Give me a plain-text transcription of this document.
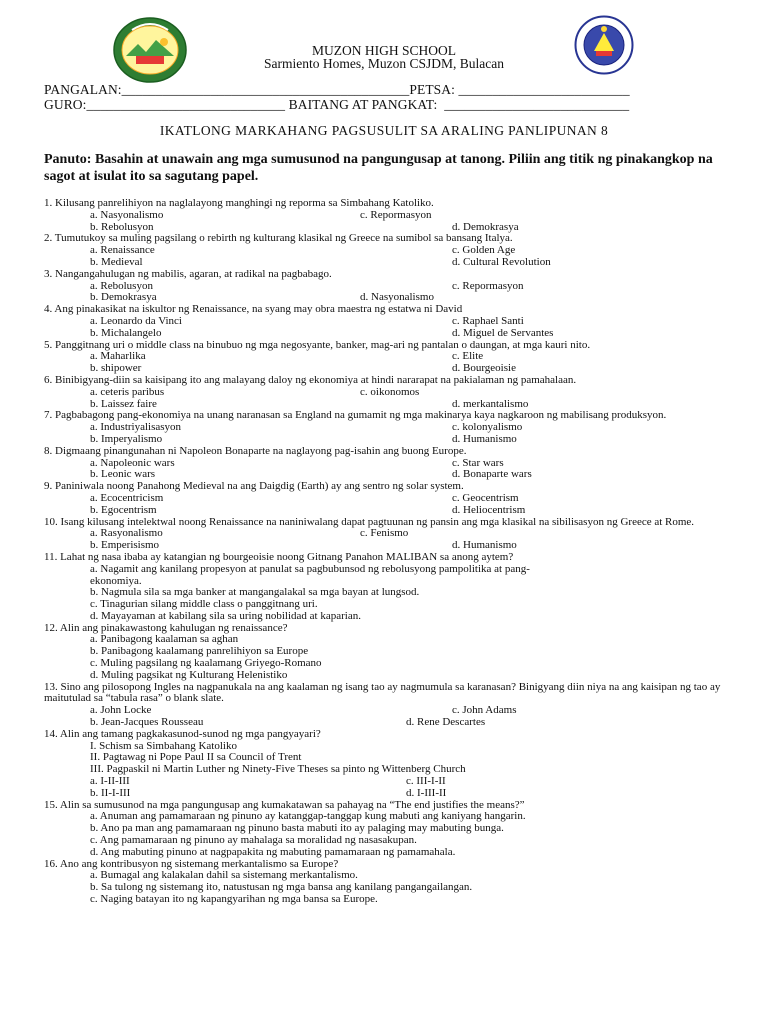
MUZON HIGH SCHOOL
Sarmiento Homes, Muzon CSJDM, Bulacan
PANGALAN:__________________________________________PETSA: _________________________
GURO:_____________________________ BAITANG AT PANGKAT:  ___________________________
IKATLONG MARKAHANG PAGSUSULIT SA ARALING PANLIPUNAN 8
Panuto: Basahin at unawain ang mga sumusunod na pangungusap at tanong. Piliin ang titik ng pinakangkop na sagot at isulat ito sa sagutang papel.
1. Kilusang panrelihiyon na naglalayong manghingi ng reporma sa Simbahang Katoliko.
a. Nasyonalismo	c. Repormasyon
b. Rebolusyon	d. Demokrasya
2. Tumutukoy sa muling pagsilang o rebirth ng kulturang klasikal ng Greece na sumibol sa bansang Italya.
a. Renaissance	c. Golden Age
b. Medieval	d. Cultural Revolution
3. Nangangahulugan ng mabilis, agaran, at radikal na pagbabago.
a. Rebolusyon	c. Repormasyon
b. Demokrasya	d. Nasyonalismo
4. Ang pinakasikat na iskultor ng Renaissance, na syang may obra maestra ng estatwa ni David
a. Leonardo da Vinci	c. Raphael Santi
b. Michalangelo	d. Miguel de Servantes
5. Panggitnang uri o middle class na binubuo ng mga negosyante, banker, mag-ari ng pantalan o daungan, at mga kauri nito.
a. Maharlika	c. Elite
b. shipower	d. Bourgeoisie
6. Binibigyang-diin sa kaisipang ito ang malayang daloy ng ekonomiya at hindi nararapat na pakialaman ng pamahalaan.
a. ceteris paribus	c. oikonomos
b. Laissez faire	d. merkantalismo
7. Pagbabagong pang-ekonomiya na unang naranasan sa England na gumamit ng mga makinarya kaya nagkaroon ng mabilisang produksyon.
a. Industriyalisasyon	c. kolonyalismo
b. Imperyalismo	d. Humanismo
8. Digmaang pinangunahan ni Napoleon Bonaparte na naglayong pag-isahin ang buong Europe.
a. Napoleonic wars	c. Star wars
b. Leonic wars	d. Bonaparte wars
9. Paniniwala noong Panahong Medieval na ang Daigdig (Earth) ay ang sentro ng solar system.
a. Ecocentricism	c. Geocentrism
b. Egocentrism	d. Heliocentrism
10. Isang kilusang intelektwal noong Renaissance na naniniwalang dapat pagtuunan ng pansin ang mga klasikal na sibilisasyon ng Greece at Rome.
a. Rasyonalismo	c. Fenismo
b. Emperisismo	d. Humanismo
11. Lahat ng nasa ibaba ay katangian ng bourgeoisie noong Gitnang Panahon MALIBAN sa anong aytem?
a. Nagamit ang kanilang propesyon at panulat sa pagbubunsod ng rebolusyong pampolitika at pang-
ekonomiya.
b. Nagmula sila sa mga banker at mangangalakal sa mga bayan at lungsod.
c. Tinagurian silang middle class o panggitnang uri.
d. Mayayaman at kabilang sila sa uring nobilidad at kaparian.
12. Alin ang pinakawastong kahulugan ng renaissance?
a. Panibagong kaalaman sa aghan
b. Panibagong kaalamang panrelihiyon sa Europe
c. Muling pagsilang ng kaalamang Griyego-Romano
d. Muling pagsikat ng Kulturang Helenistiko
13. Sino ang pilosopong Ingles na nagpanukala na ang kaalaman ng isang tao ay nagmumula sa karanasan? Binigyang diin niya na ang kaisipan ng tao ay maitutulad sa “tabula rasa” o blank slate.
a. John Locke	c. John Adams
b. Jean-Jacques Rousseau	d. Rene Descartes
14. Alin ang tamang pagkakasunod-sunod ng mga pangyayari?
I. Schism sa Simbahang Katoliko
II. Pagtawag ni Pope Paul II sa Council of Trent
III. Pagpaskil ni Martin Luther ng Ninety-Five Theses sa pinto ng Wittenberg Church
a. I-II-III	c. III-I-II
b. II-I-III	d. I-III-II
15. Alin sa sumusunod na mga pangungusap ang kumakatawan sa pahayag na “The end justifies the means?”
a. Anuman ang pamamaraan ng pinuno ay katanggap-tanggap kung mabuti ang kaniyang hangarin.
b. Ano pa man ang pamamaraan ng pinuno basta mabuti ito ay palaging may mabuting bunga.
c. Ang pamamaraan ng pinuno ay mahalaga sa moralidad ng nasasakupan.
d. Ang mabuting pinuno at nagpapakita ng mabuting pamamaraan ng pamamahala.
16. Ano ang kontribusyon ng sistemang merkantalismo sa Europe?
a. Bumagal ang kalakalan dahil sa sistemang merkantalismo.
b. Sa tulong ng sistemang ito, natustusan ng mga bansa ang kanilang pangangailangan.
c. Naging batayan ito ng kapangyarihan ng mga bansa sa Europe.
